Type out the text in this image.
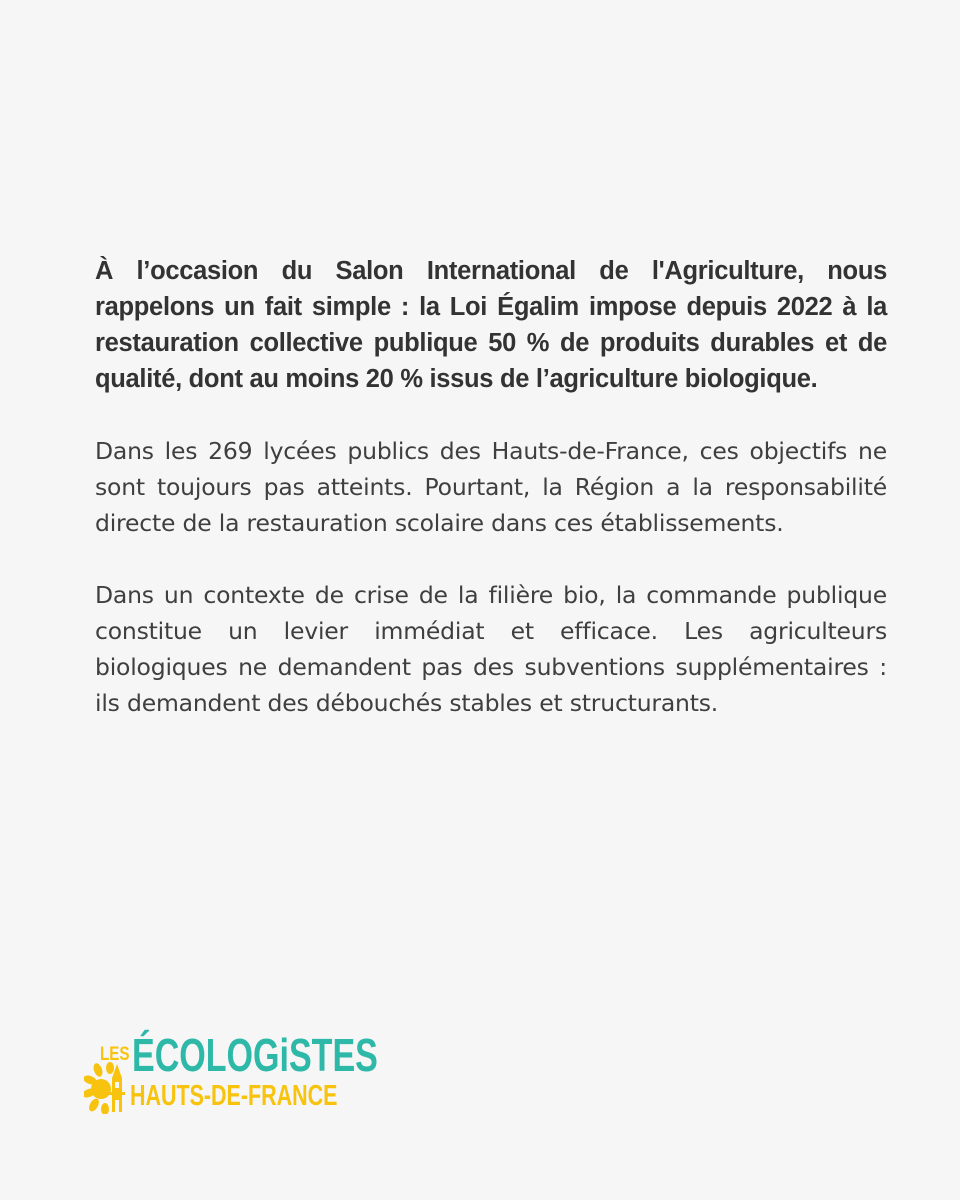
À l’occasion du Salon International de l'Agriculture, nous rappelons un fait simple : la Loi Égalim impose depuis 2022 à la restauration collective publique 50 % de produits durables et de qualité, dont au moins 20 % issus de l’agriculture biologique.

Dans les 269 lycées publics des Hauts-de-France, ces objectifs ne sont toujours pas atteints. Pourtant, la Région a la responsabilité directe de la restauration scolaire dans ces établissements.

Dans un contexte de crise de la filière bio, la commande publique constitue un levier immédiat et efficace. Les agriculteurs biologiques ne demandent pas des subventions supplémentaires : ils demandent des débouchés stables et structurants.

LES ÉCOLOGiSTES
HAUTS-DE-FRANCE
